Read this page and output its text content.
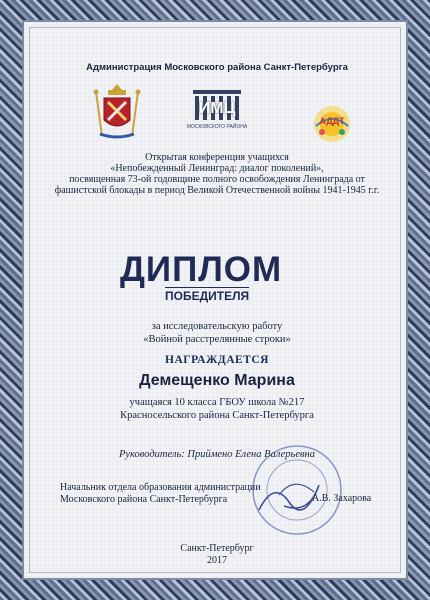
Администрация Московского района Санкт-Петербурга
ИМЦ
МОСКОВСКОГО РАЙОНА
АДДТ
Открытая конференция учащихся
«Непобежденный Ленинград: диалог поколений»,
посвященная 73-ой годовщине полного освобождения Ленинграда от
фашистской блокады в период Великой Отечественной войны 1941-1945 г.г.
ДИПЛОМ
ПОБЕДИТЕЛЯ
за исследовательскую работу
«Войной расстрелянные строки»
НАГРАЖДАЕТСЯ
Демещенко Марина
учащаяся 10 класса ГБОУ школа №217
Красносельского района Санкт-Петербурга
Руководитель: Приймено Елена Валерьевна
Начальник отдела образования администрации
Московского района Санкт-Петербурга	А.В. Захарова
Санкт-Петербург
2017
